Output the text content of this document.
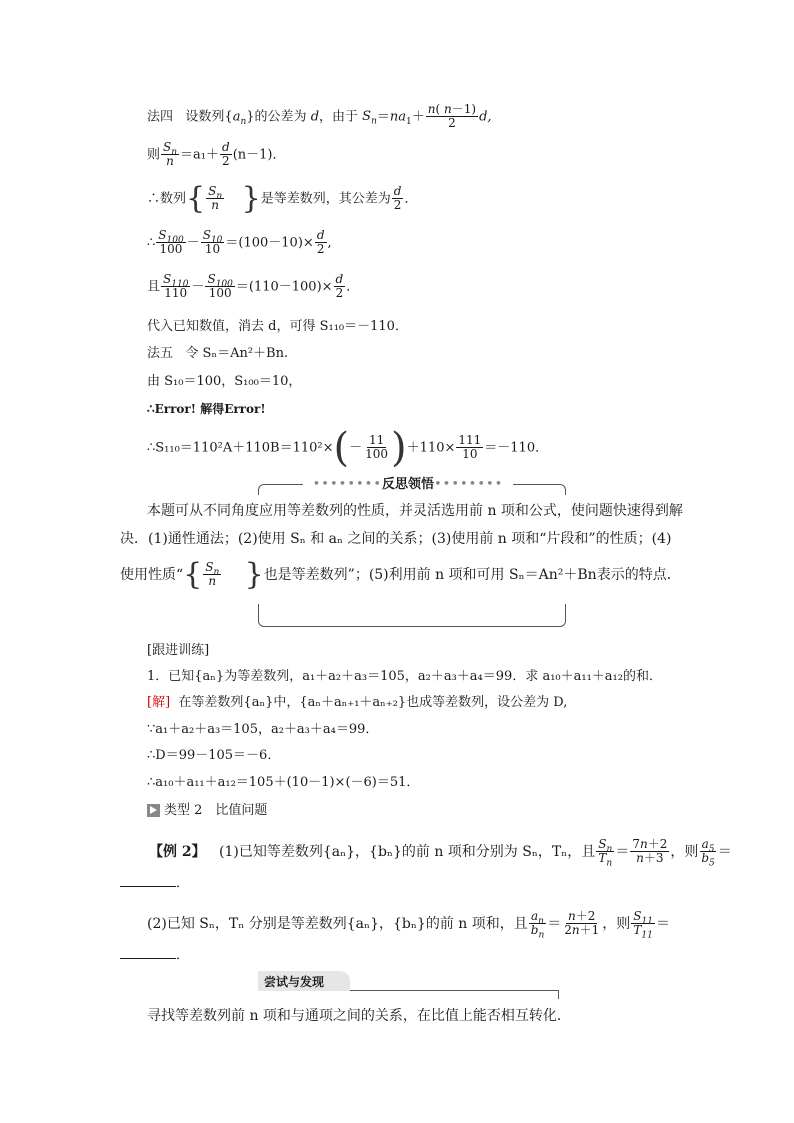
法四 设数列$\{a_n\}$的公差为 d，由于 $S_n=na_1+ \frac{n( n-1)}{2} d$,
则 $\frac{S_n}{n} =a_1+ \frac{d}{2} (n-1)$．
∴数列{ $\frac{S_n}{n}$ }是等差数列，其公差为 $\frac{d}{2}$ ．
∴ $\frac{S_{100}}{100} - \frac{S_{10}}{10} =(100-10)\times \frac{d}{2}$ ,
且 $\frac{S_{110}}{110} - \frac{S_{100}}{100} =(110-100)\times \frac{d}{2}$ ．
代入已知数值，消去 d，可得 S₁₁₀＝－110．
法五 令 Sₙ＝An²＋Bn.
由 S₁₀＝100，S₁₀₀＝10，
∴Error! 解得Error!
∴S₁₁₀＝110²A＋110B＝110²×(－ $\frac{11}{100} )+110\times \frac{111}{10} =-110$．
••••••••反思领悟••••••••
本题可从不同角度应用等差数列的性质，并灵活选用前 n 项和公式，使问题快速得到解
决．(1)通性通法；(2)使用 Sₙ 和 aₙ 之间的关系；(3)使用前 n 项和“片段和”的性质；(4)
使用性质“{ $\frac{S_n}{n}$ }也是等差数列”；(5)利用前 n 项和可用 Sₙ＝An²＋Bn表示的特点．
[跟进训练]
1．已知{aₙ}为等差数列，a₁＋a₂＋a₃＝105，a₂＋a₃＋a₄＝99．求 a₁₀＋a₁₁＋a₁₂的和．
[解] 在等差数列{aₙ}中，{aₙ＋aₙ₊₁＋aₙ₊₂}也成等差数列，设公差为 D,
∵a₁＋a₂＋a₃＝105，a₂＋a₃＋a₄＝99．
∴D＝99－105＝－6．
∴a₁₀＋a₁₁＋a₁₂＝105＋(10－1)×(－6)＝51．
类型 2　比值问题
【例 2】 (1)已知等差数列{aₙ}，{bₙ}的前 n 项和分别为 Sₙ，Tₙ，且 $\frac{S_n}{T_n} = \frac{7n+2}{n+3}$ ，则 $\frac{a_5}{b_5}$ ＝
．
(2)已知 Sₙ，Tₙ 分别是等差数列{aₙ}，{bₙ}的前 n 项和，且 $\frac{a_n}{b_n} = \frac{n+2}{2n+1}$ ，则 $\frac{S_{11}}{T_{11}}$ ＝
．
尝试与发现
寻找等差数列前 n 项和与通项之间的关系，在比值上能否相互转化．
